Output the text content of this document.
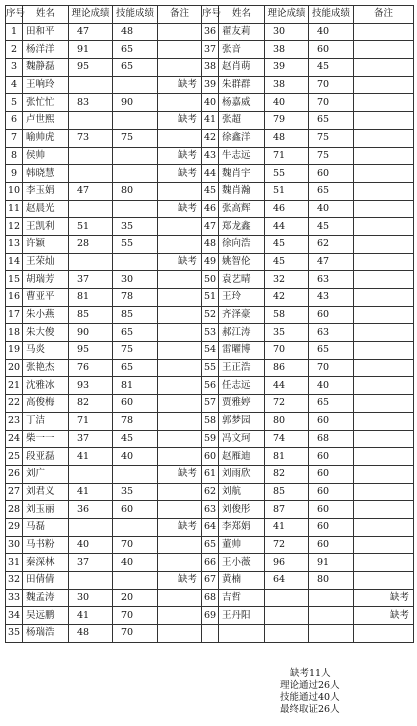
序号	姓名	理论成绩	技能成绩	备注	序号	姓名	理论成绩	技能成绩	备注
1	田和平	47	48		36	翟友莉	30	40	
2	杨洋洋	91	65		37	张音	38	60	
3	魏静磊	95	65		38	赵肖萌	39	45	
4	王响玲			缺考	39	朱群群	38	70	
5	张忙忙	83	90		40	杨嘉威	40	70	
6	卢世熙			缺考	41	张超	79	65	
7	喻帅虎	73	75		42	徐鑫洋	48	75	
8	侯帅			缺考	43	牛志远	71	75	
9	韩晓慧			缺考	44	魏肖宇	55	60	
10	李玉娟	47	80		45	魏肖瀚	51	65	
11	赵晨光			缺考	46	张高辉	46	40	
12	王凯利	51	35		47	郑龙鑫	44	45	
13	许颖	28	55		48	徐向浩	45	62	
14	王荣灿			缺考	49	姚智伦	45	47	
15	胡瑞芳	37	30		50	袁艺晴	32	63	
16	曹亚平	81	78		51	王玲	42	43	
17	朱小燕	85	85		52	齐泽豪	58	60	
18	朱大俊	90	65		53	郝江涛	35	63	
19	马炎	95	75		54	雷曜博	70	65	
20	张艳杰	76	65		55	王正浩	86	70	
21	沈雅冰	93	81		56	任志远	44	40	
22	高俊梅	82	60		57	贾雅婷	72	65	
23	丁洁	71	78		58	郭梦园	80	60	
24	柴一一	37	45		59	冯文珂	74	68	
25	段亚磊	41	40		60	赵雁迪	81	60	
26	刘广			缺考	61	刘雨欣	82	60	
27	刘君义	41	35		62	刘航	85	60	
28	刘玉丽	36	60		63	刘俊彤	87	60	
29	马磊			缺考	64	李郑娟	41	60	
30	马书粉	40	70		65	董帅	72	60	
31	秦深林	37	40		66	王小薇	96	91	
32	田倩倩			缺考	67	黄楠	64	80	
33	魏孟涛	30	20		68	吉哲			缺考
34	吴远鹏	41	70		69	王丹阳			缺考
35	杨瑞浩	48	70						
缺考11人
理论通过26人
技能通过40人
最终取证26人
